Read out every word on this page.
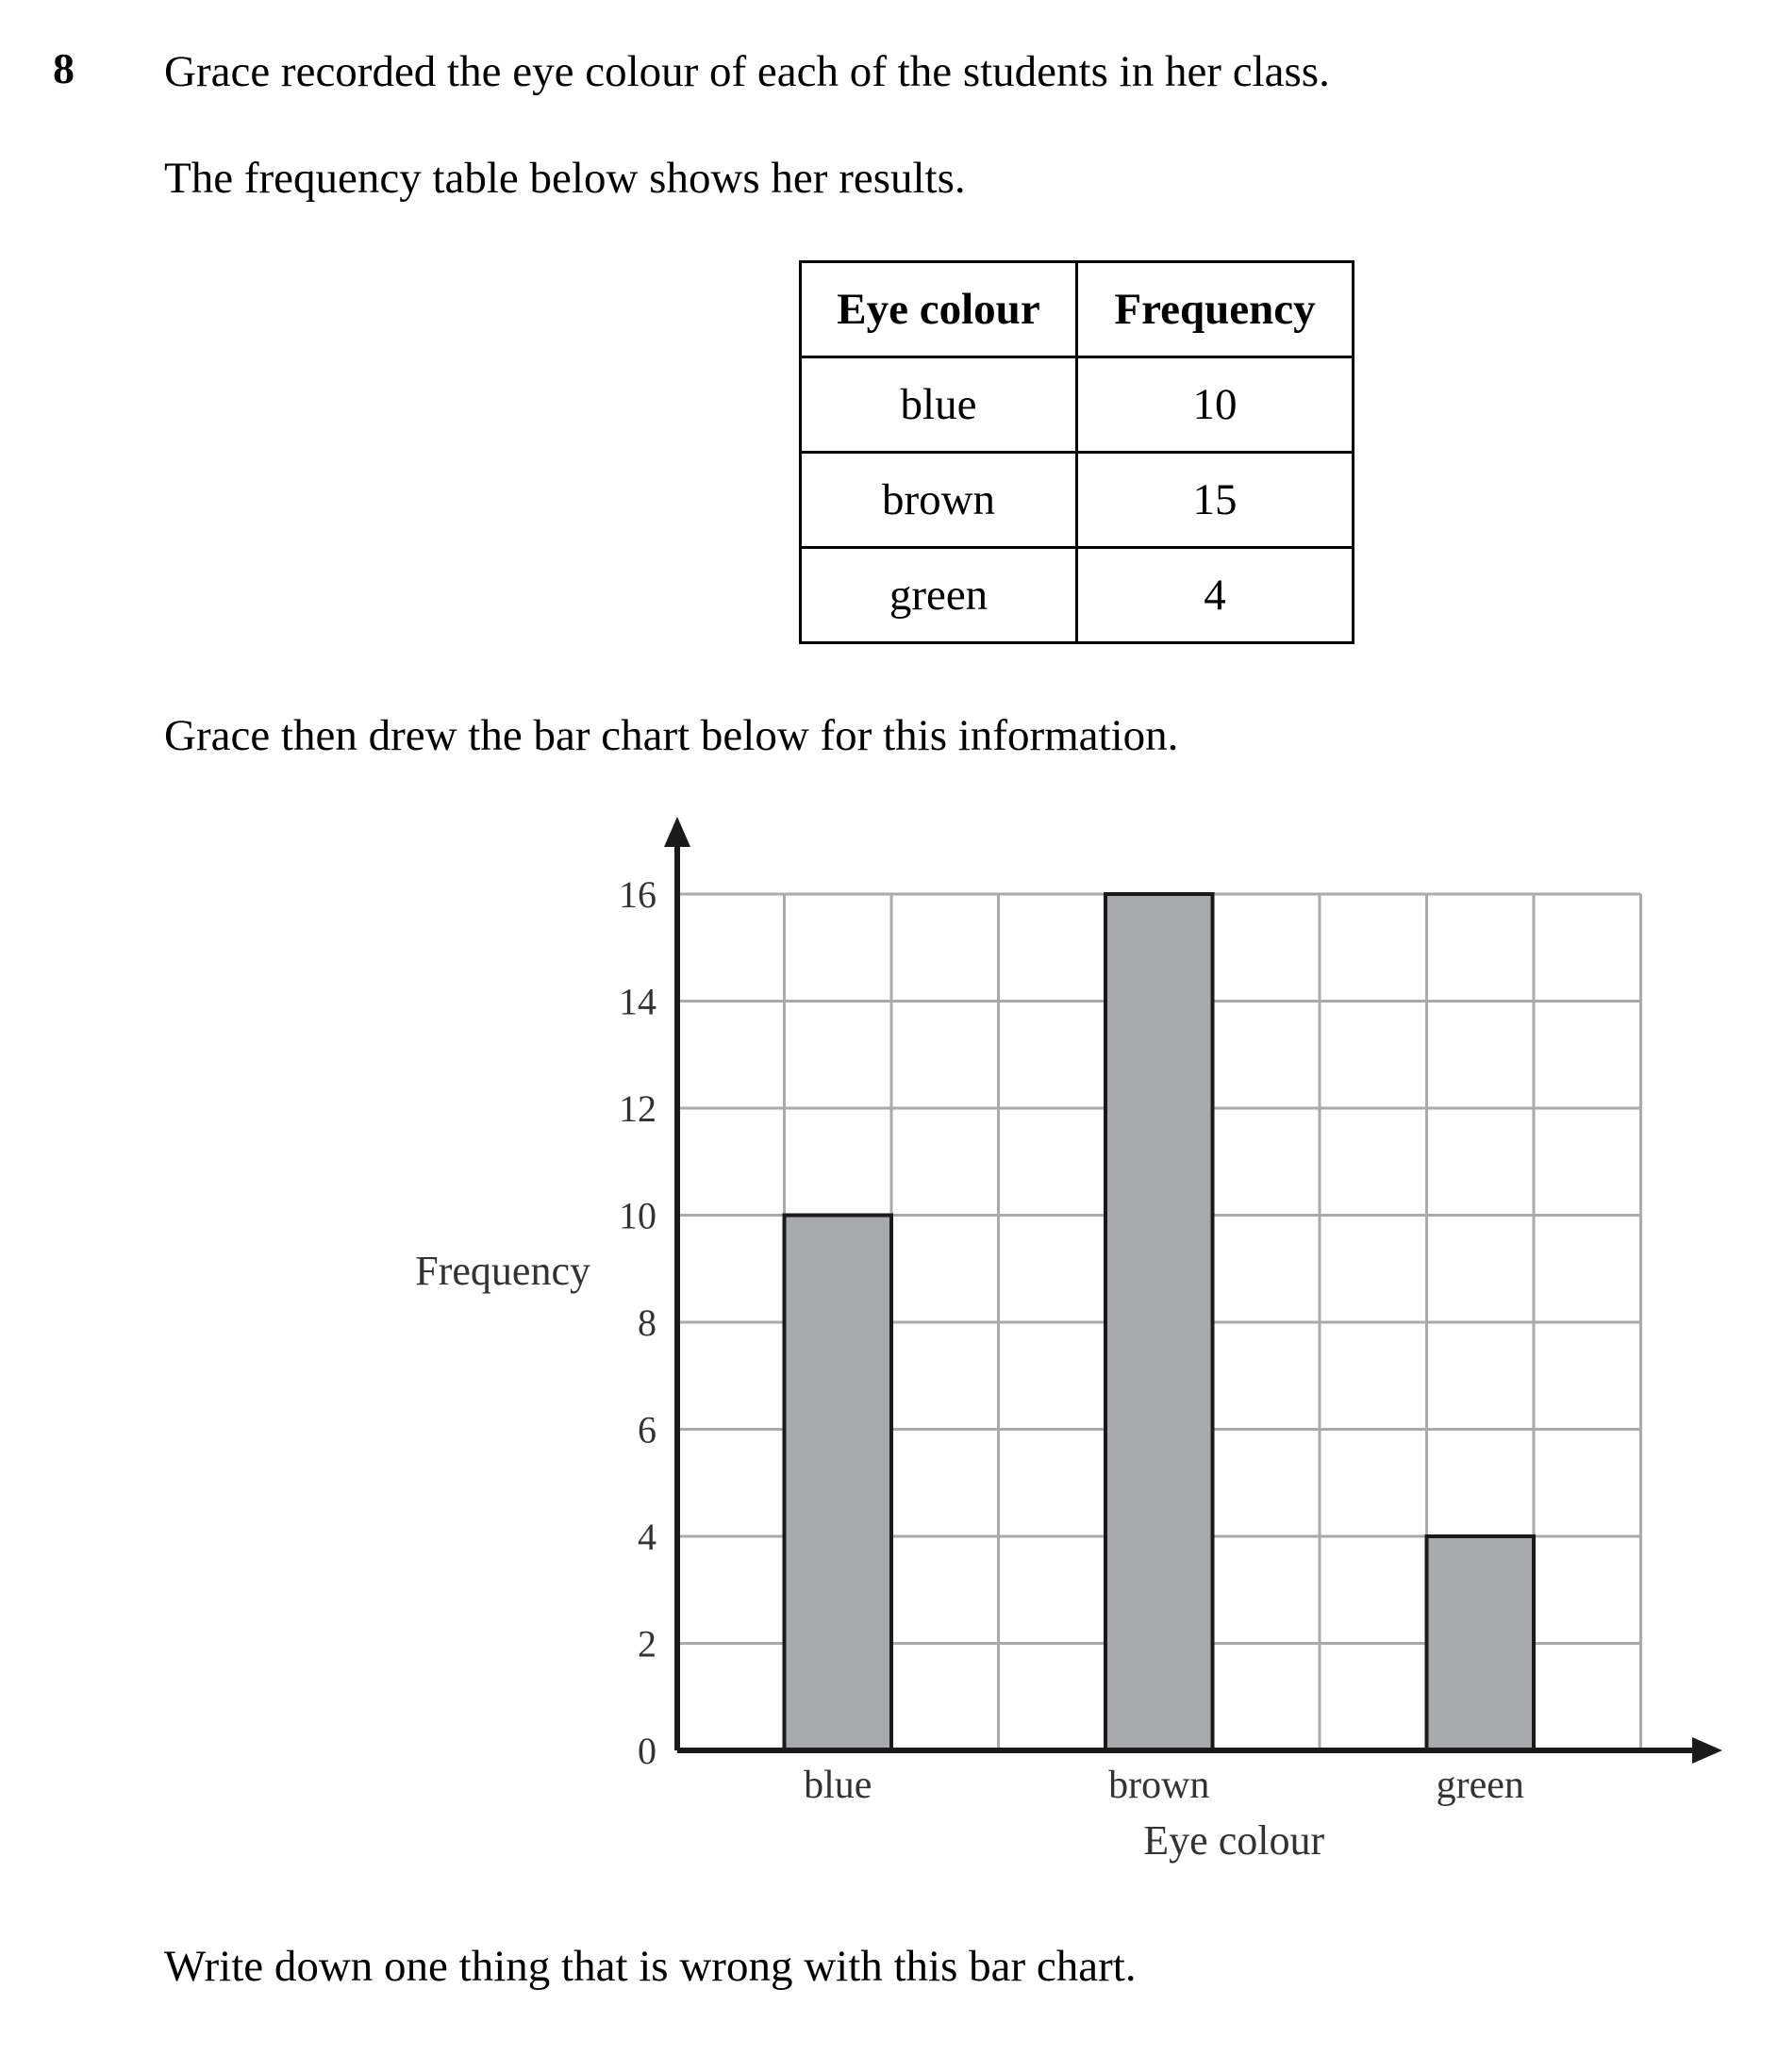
8 Grace recorded the eye colour of each of the students in her class.
The frequency table below shows her results.
Eye colour	Frequency
blue	10
brown	15
green	4
Grace then drew the bar chart below for this information.
Frequency
Eye colour
blue	brown	green
0
2
4
6
8
10
12
14
16
Write down one thing that is wrong with this bar chart.
